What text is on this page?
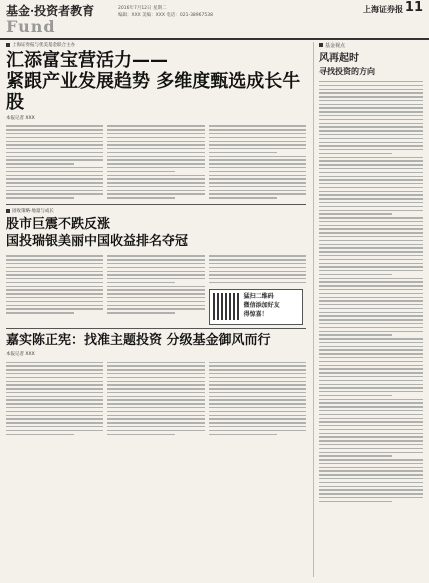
基金·投资者教育
Fund
2016年7月12日 星期二
编辑：XXX 美编：XXX 电话：021-38967538
上海证券报 11
上海证券报与优美基金联合主办
汇添富宝营活力——
紧跟产业发展趋势 多维度甄选成长牛股
本报记者 XXX
固收策略·地量与成长
股市巨震不跌反涨
国投瑞银美丽中国收益排名夺冠
猛扫二维码
微信添加好友
得惊喜！
嘉实陈正宪：找准主题投资 分级基金御风而行
本报记者 XXX
基金视点
风再起时
寻找投资的方向
